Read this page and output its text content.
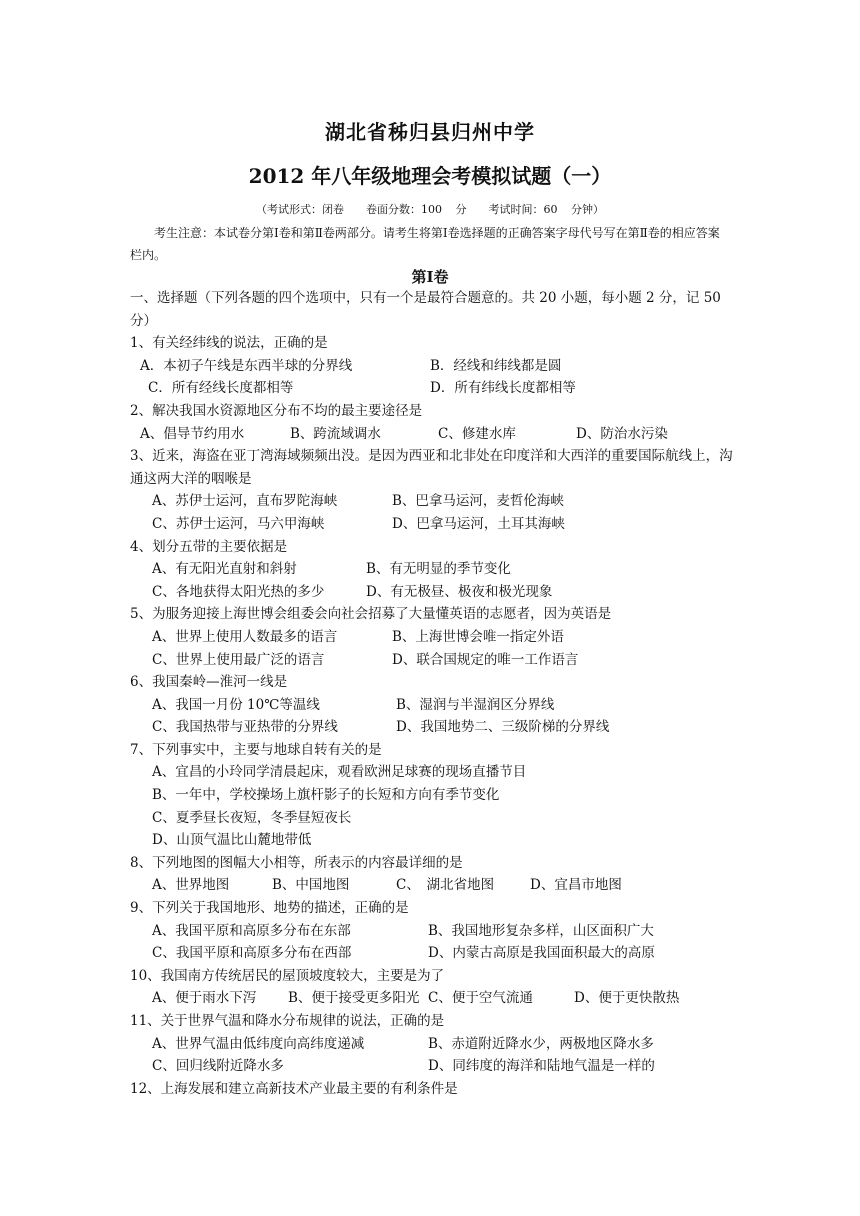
湖北省秭归县归州中学
2012 年八年级地理会考模拟试题（一）
（考试形式：闭卷　　卷面分数：100 分　　考试时间：60 分钟）
考生注意：本试卷分第Ⅰ卷和第Ⅱ卷两部分。请考生将第Ⅰ卷选择题的正确答案字母代号写在第Ⅱ卷的相应答案栏内。
第Ⅰ卷
一、选择题（下列各题的四个选项中，只有一个是最符合题意的。共 20 小题，每小题 2 分，记 50 分）
1、有关经纬线的说法，正确的是
A．本初子午线是东西半球的分界线	B．经线和纬线都是圆
C．所有经线长度都相等	D．所有纬线长度都相等
2、解决我国水资源地区分布不均的最主要途径是
A、倡导节约用水	B、跨流域调水	C、修建水库	D、防治水污染
3、近来，海盗在亚丁湾海域频频出没。是因为西亚和北非处在印度洋和大西洋的重要国际航线上，沟通这两大洋的咽喉是
A、苏伊士运河，直布罗陀海峡	B、巴拿马运河，麦哲伦海峡
C、苏伊士运河，马六甲海峡	D、巴拿马运河，土耳其海峡
4、划分五带的主要依据是
A、有无阳光直射和斜射	B、有无明显的季节变化
C、各地获得太阳光热的多少	D、有无极昼、极夜和极光现象
5、为服务迎接上海世博会组委会向社会招募了大量懂英语的志愿者，因为英语是
A、世界上使用人数最多的语言	B、上海世博会唯一指定外语
C、世界上使用最广泛的语言	D、联合国规定的唯一工作语言
6、我国秦岭—淮河一线是
A、我国一月份 10℃等温线	B、湿润与半湿润区分界线
C、我国热带与亚热带的分界线	D、我国地势二、三级阶梯的分界线
7、下列事实中，主要与地球自转有关的是
A、宜昌的小玲同学清晨起床，观看欧洲足球赛的现场直播节目
B、一年中，学校操场上旗杆影子的长短和方向有季节变化
C、夏季昼长夜短，冬季昼短夜长
D、山顶气温比山麓地带低
8、下列地图的图幅大小相等，所表示的内容最详细的是
A、世界地图	B、中国地图	C、　湖北省地图	D、宜昌市地图
9、下列关于我国地形、地势的描述，正确的是
A、我国平原和高原多分布在东部	B、我国地形复杂多样，山区面积广大
C、我国平原和高原多分布在西部	D、内蒙古高原是我国面积最大的高原
10、我国南方传统居民的屋顶坡度较大，主要是为了
A、便于雨水下泻	B、便于接受更多阳光 C、便于空气流通	D、便于更快散热
11、关于世界气温和降水分布规律的说法，正确的是
A、世界气温由低纬度向高纬度递减	B、赤道附近降水少，两极地区降水多
C、回归线附近降水多	D、同纬度的海洋和陆地气温是一样的
12、上海发展和建立高新技术产业最主要的有利条件是
